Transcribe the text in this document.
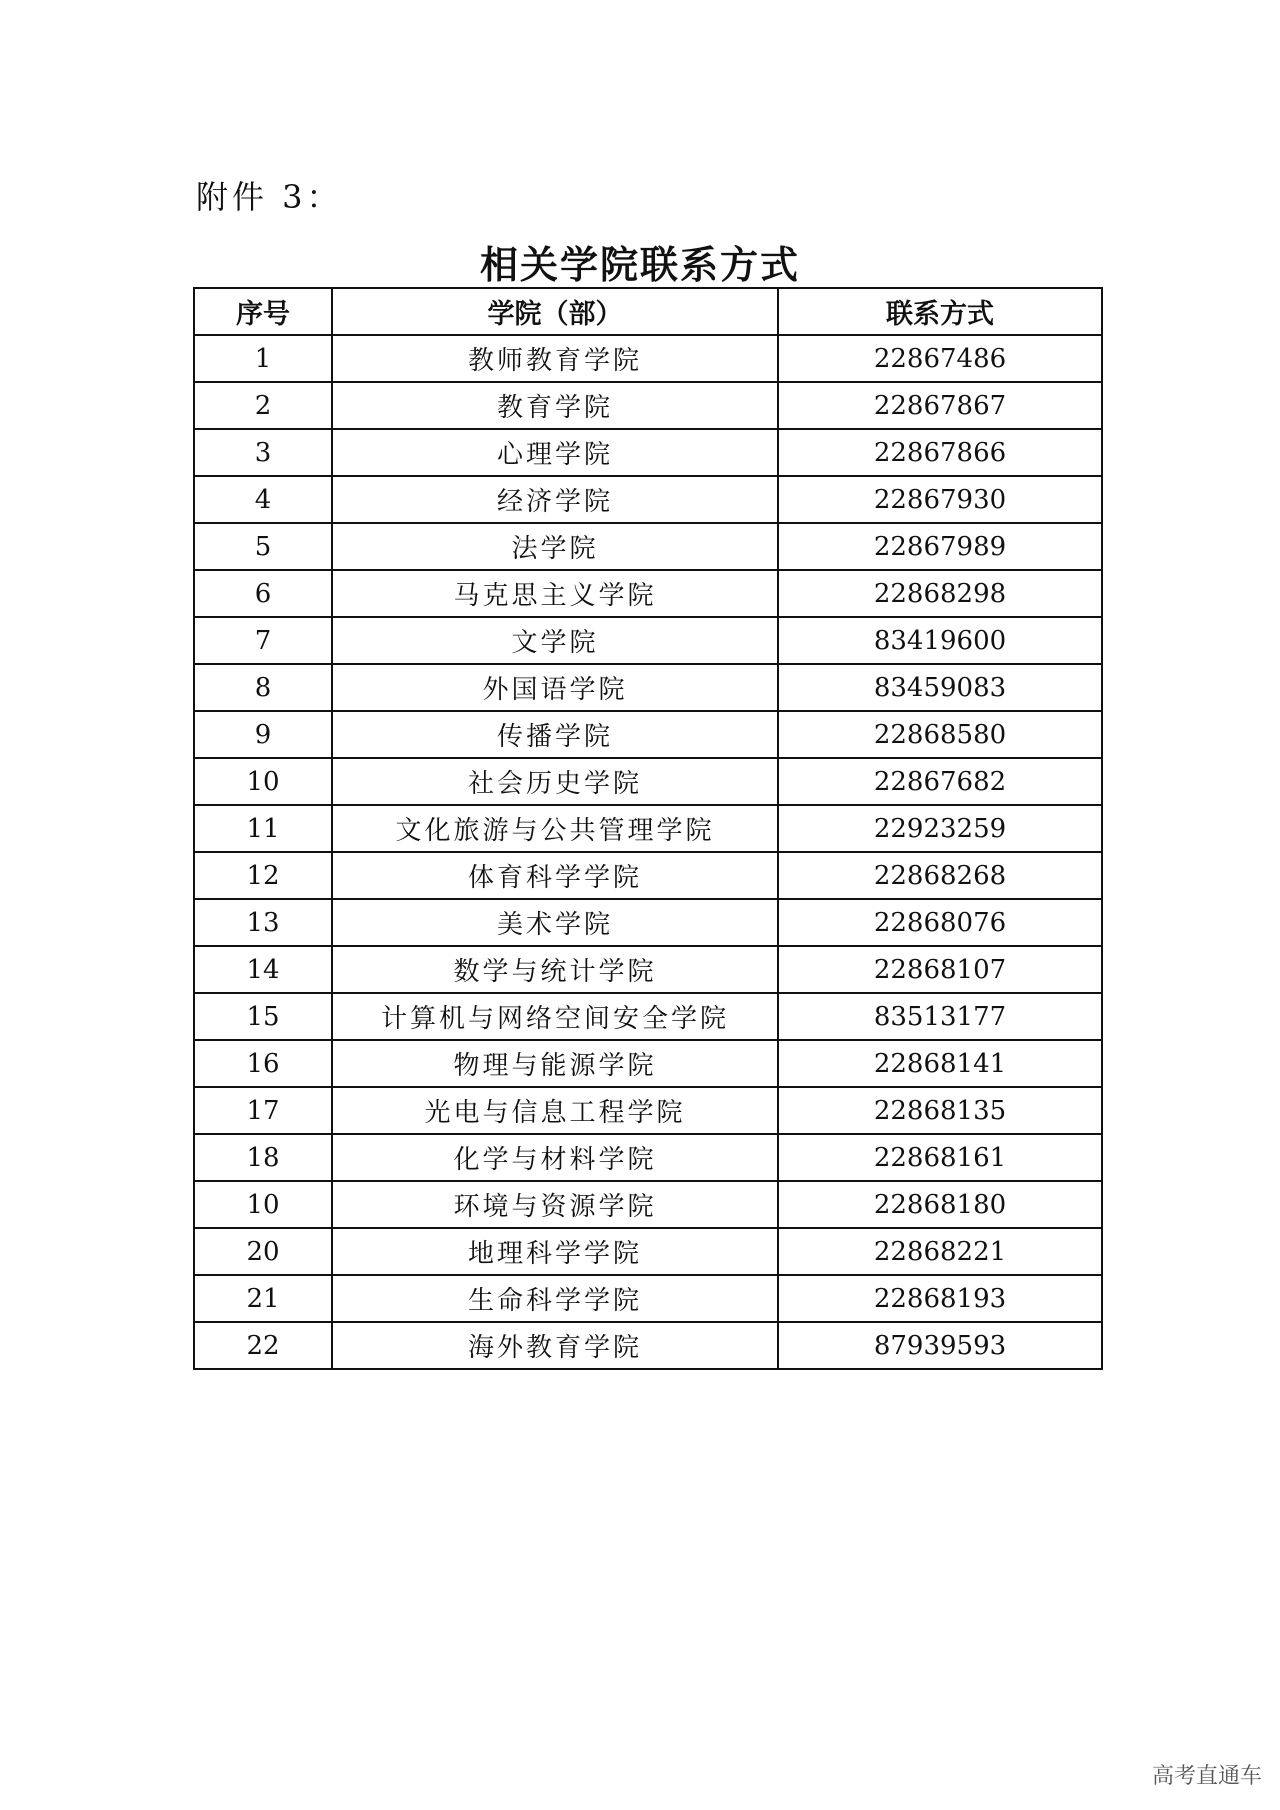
附件 3：
相关学院联系方式
序号	学院（部）	联系方式
1	教师教育学院	22867486
2	教育学院	22867867
3	心理学院	22867866
4	经济学院	22867930
5	法学院	22867989
6	马克思主义学院	22868298
7	文学院	83419600
8	外国语学院	83459083
9	传播学院	22868580
10	社会历史学院	22867682
11	文化旅游与公共管理学院	22923259
12	体育科学学院	22868268
13	美术学院	22868076
14	数学与统计学院	22868107
15	计算机与网络空间安全学院	83513177
16	物理与能源学院	22868141
17	光电与信息工程学院	22868135
18	化学与材料学院	22868161
10	环境与资源学院	22868180
20	地理科学学院	22868221
21	生命科学学院	22868193
22	海外教育学院	87939593
高考直通车
